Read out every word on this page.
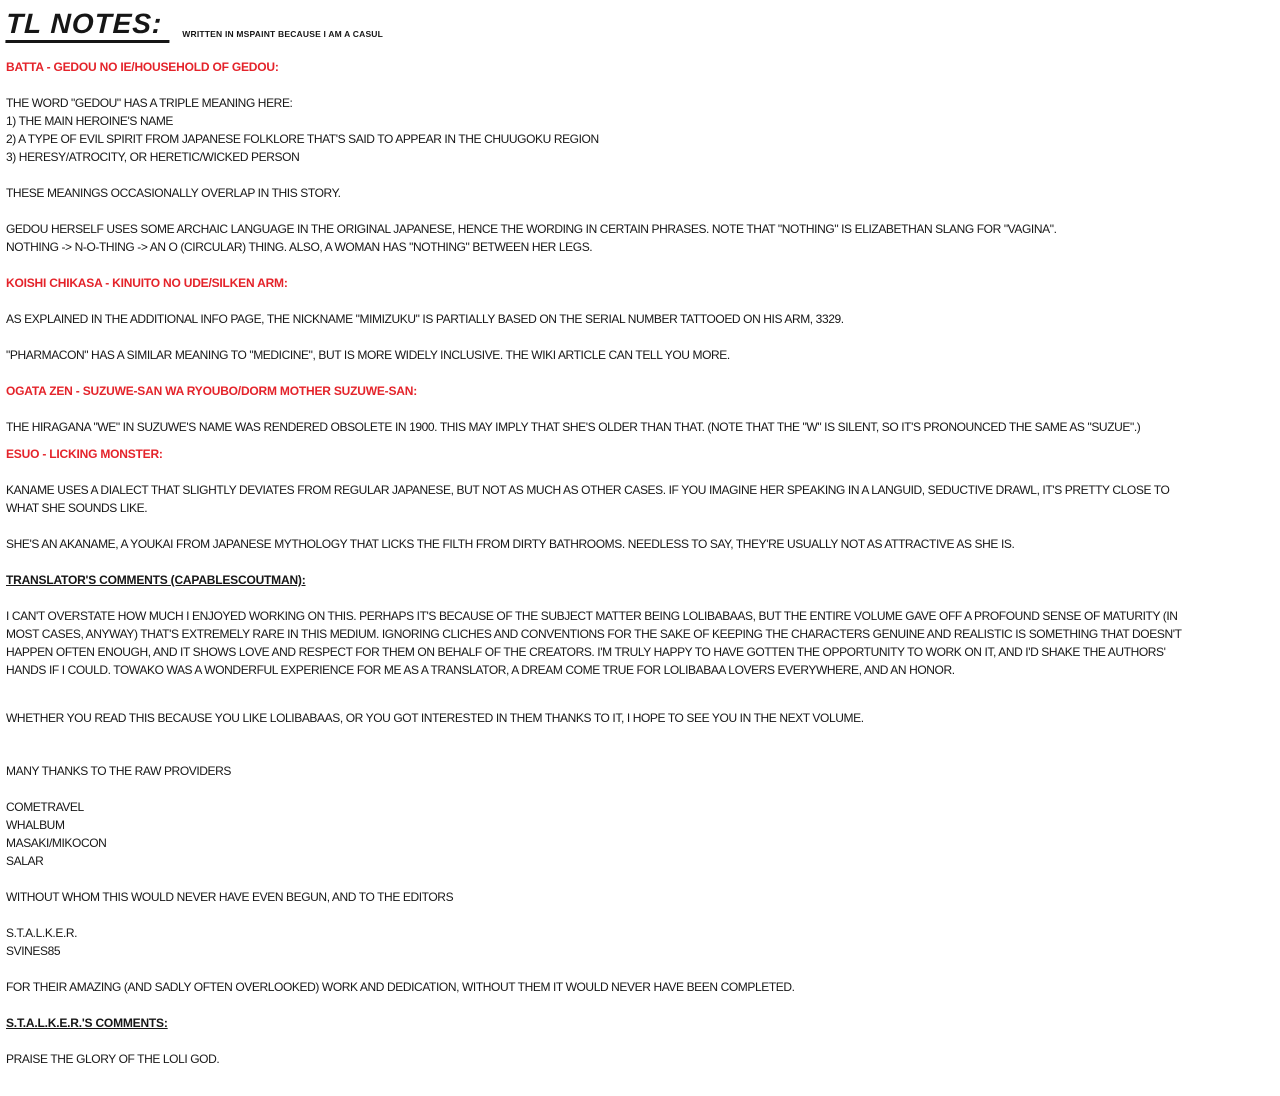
TL NOTES:	WRITTEN IN MSPAINT BECAUSE I AM A CASUL
BATTA - GEDOU NO IE/HOUSEHOLD OF GEDOU:
THE WORD "GEDOU" HAS A TRIPLE MEANING HERE:
1) THE MAIN HEROINE'S NAME
2) A TYPE OF EVIL SPIRIT FROM JAPANESE FOLKLORE THAT'S SAID TO APPEAR IN THE CHUUGOKU REGION
3) HERESY/ATROCITY, OR HERETIC/WICKED PERSON
THESE MEANINGS OCCASIONALLY OVERLAP IN THIS STORY.
GEDOU HERSELF USES SOME ARCHAIC LANGUAGE IN THE ORIGINAL JAPANESE, HENCE THE WORDING IN CERTAIN PHRASES. NOTE THAT "NOTHING" IS ELIZABETHAN SLANG FOR "VAGINA".
NOTHING -> N-O-THING -> AN O (CIRCULAR) THING. ALSO, A WOMAN HAS "NOTHING" BETWEEN HER LEGS.
KOISHI CHIKASA - KINUITO NO UDE/SILKEN ARM:
AS EXPLAINED IN THE ADDITIONAL INFO PAGE, THE NICKNAME "MIMIZUKU" IS PARTIALLY BASED ON THE SERIAL NUMBER TATTOOED ON HIS ARM, 3329.
"PHARMACON" HAS A SIMILAR MEANING TO "MEDICINE", BUT IS MORE WIDELY INCLUSIVE. THE WIKI ARTICLE CAN TELL YOU MORE.
OGATA ZEN - SUZUWE-SAN WA RYOUBO/DORM MOTHER SUZUWE-SAN:
THE HIRAGANA "WE" IN SUZUWE'S NAME WAS RENDERED OBSOLETE IN 1900. THIS MAY IMPLY THAT SHE'S OLDER THAN THAT. (NOTE THAT THE "W" IS SILENT, SO IT'S PRONOUNCED THE SAME AS "SUZUE".)
ESUO - LICKING MONSTER:
KANAME USES A DIALECT THAT SLIGHTLY DEVIATES FROM REGULAR JAPANESE, BUT NOT AS MUCH AS OTHER CASES. IF YOU IMAGINE HER SPEAKING IN A LANGUID, SEDUCTIVE DRAWL, IT'S PRETTY CLOSE TO
WHAT SHE SOUNDS LIKE.
SHE'S AN AKANAME, A YOUKAI FROM JAPANESE MYTHOLOGY THAT LICKS THE FILTH FROM DIRTY BATHROOMS. NEEDLESS TO SAY, THEY'RE USUALLY NOT AS ATTRACTIVE AS SHE IS.
TRANSLATOR'S COMMENTS (CAPABLESCOUTMAN):
I CAN'T OVERSTATE HOW MUCH I ENJOYED WORKING ON THIS. PERHAPS IT'S BECAUSE OF THE SUBJECT MATTER BEING LOLIBABAAS, BUT THE ENTIRE VOLUME GAVE OFF A PROFOUND SENSE OF MATURITY (IN
MOST CASES, ANYWAY) THAT'S EXTREMELY RARE IN THIS MEDIUM. IGNORING CLICHES AND CONVENTIONS FOR THE SAKE OF KEEPING THE CHARACTERS GENUINE AND REALISTIC IS SOMETHING THAT DOESN'T
HAPPEN OFTEN ENOUGH, AND IT SHOWS LOVE AND RESPECT FOR THEM ON BEHALF OF THE CREATORS. I'M TRULY HAPPY TO HAVE GOTTEN THE OPPORTUNITY TO WORK ON IT, AND I'D SHAKE THE AUTHORS'
HANDS IF I COULD. TOWAKO WAS A WONDERFUL EXPERIENCE FOR ME AS A TRANSLATOR, A DREAM COME TRUE FOR LOLIBABAA LOVERS EVERYWHERE, AND AN HONOR.
WHETHER YOU READ THIS BECAUSE YOU LIKE LOLIBABAAS, OR YOU GOT INTERESTED IN THEM THANKS TO IT, I HOPE TO SEE YOU IN THE NEXT VOLUME.
MANY THANKS TO THE RAW PROVIDERS
COMETRAVEL
WHALBUM
MASAKI/MIKOCON
SALAR
WITHOUT WHOM THIS WOULD NEVER HAVE EVEN BEGUN, AND TO THE EDITORS
S.T.A.L.K.E.R.
SVINES85
FOR THEIR AMAZING (AND SADLY OFTEN OVERLOOKED) WORK AND DEDICATION, WITHOUT THEM IT WOULD NEVER HAVE BEEN COMPLETED.
S.T.A.L.K.E.R.'S COMMENTS:
PRAISE THE GLORY OF THE LOLI GOD.
